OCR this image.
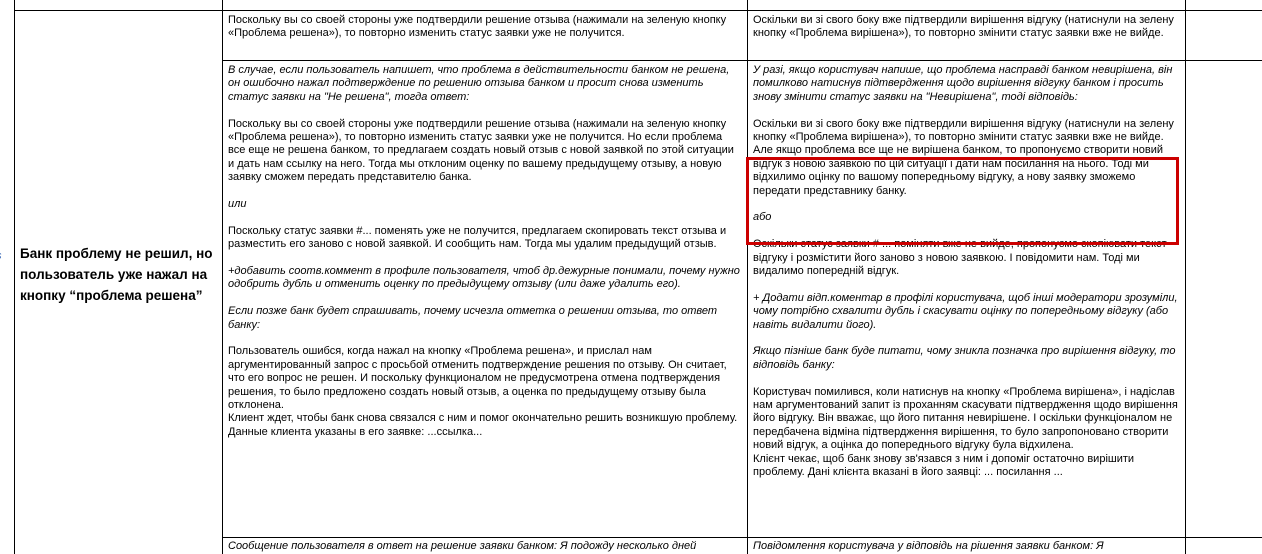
Банк проблему не решил, но пользователь уже нажал на кнопку “проблема решена”

Поскольку вы со своей стороны уже подтвердили решение отзыва (нажимали на зеленую кнопку «Проблема решена»), то повторно изменить статус заявки уже не получится.

Оскільки ви зі свого боку вже підтвердили вирішення відгуку (натиснули на зелену кнопку «Проблема вирішена»), то повторно змінити статус заявки вже не вийде.

В случае, если пользователь напишет, что проблема в действительности банком не решена, он ошибочно нажал подтверждение по решению отзыва банком и просит снова изменить статус заявки на "Не решена", тогда ответ:

Поскольку вы со своей стороны уже подтвердили решение отзыва (нажимали на зеленую кнопку «Проблема решена»), то повторно изменить статус заявки уже не получится. Но если проблема все еще не решена банком, то предлагаем создать новый отзыв с новой заявкой по этой ситуации и дать нам ссылку на него. Тогда мы отклоним оценку по вашему предыдущему отзыву, а новую заявку сможем передать представителю банка.

или

Поскольку статус заявки #... поменять уже не получится, предлагаем скопировать текст отзыва и разместить его заново с новой заявкой. И сообщить нам. Тогда мы удалим предыдущий отзыв.

+добавить соотв.коммент в профиле пользователя, чтоб др.дежурные понимали, почему нужно одобрить дубль и отменить оценку по предыдущему отзыву (или даже удалить его).

Если позже банк будет спрашивать, почему исчезла отметка о решении отзыва, то ответ банку:

Пользователь ошибся, когда нажал на кнопку «Проблема решена», и прислал нам аргументированный запрос с просьбой отменить подтверждение решения по отзыву. Он считает, что его вопрос не решен. И поскольку функционалом не предусмотрена отмена подтверждения решения, то было предложено создать новый отзыв, а оценка по предыдущему отзыву была отклонена.

Клиент ждет, чтобы банк снова связался с ним и помог окончательно решить возникшую проблему. Данные клиента указаны в его заявке: ...ссылка...

У разі, якщо користувач напише, що проблема насправді банком невирішена, він помилково натиснув підтвердження щодо вирішення відгуку банком і просить знову змінити статус заявки на "Невирішена", тоді відповідь:

Оскільки ви зі свого боку вже підтвердили вирішення відгуку (натиснули на зелену кнопку «Проблема вирішена»), то повторно змінити статус заявки вже не вийде. Але якщо проблема все ще не вирішена банком, то пропонуємо створити новий відгук з новою заявкою по цій ситуації і дати нам посилання на нього. Тоді ми відхилимо оцінку по вашому попередньому відгуку, а нову заявку зможемо передати представнику банку.

або

Оскільки статус заявки # ... поміняти вже не вийде, пропонуємо скопіювати текст відгуку і розмістити його заново з новою заявкою. І повідомити нам. Тоді ми видалимо попередній відгук.

+ Додати відп.коментар в профілі користувача, щоб інші модератори зрозуміли, чому потрібно схвалити дубль і скасувати оцінку по попередньому відгуку (або навіть видалити його).

Якщо пізніше банк буде питати, чому зникла позначка про вирішення відгуку, то відповідь банку:

Користувач помилився, коли натиснув на кнопку «Проблема вирішена», і надіслав нам аргументований запит із проханням скасувати підтвердження щодо вирішення його відгуку. Він вважає, що його питання невирішене. І оскільки функціоналом не передбачена відміна підтвердження вирішення, то було запропоновано створити новий відгук, а оцінка до попереднього відгуку була відхилена.

Клієнт чекає, щоб банк знову зв'язався з ним і допоміг остаточно вирішити проблему. Дані клієнта вказані в його заявці: ... посилання ...

Сообщение пользователя в ответ на решение заявки банком: Я подожду несколько дней	Повідомлення користувача у відповідь на рішення заявки банком: Я
